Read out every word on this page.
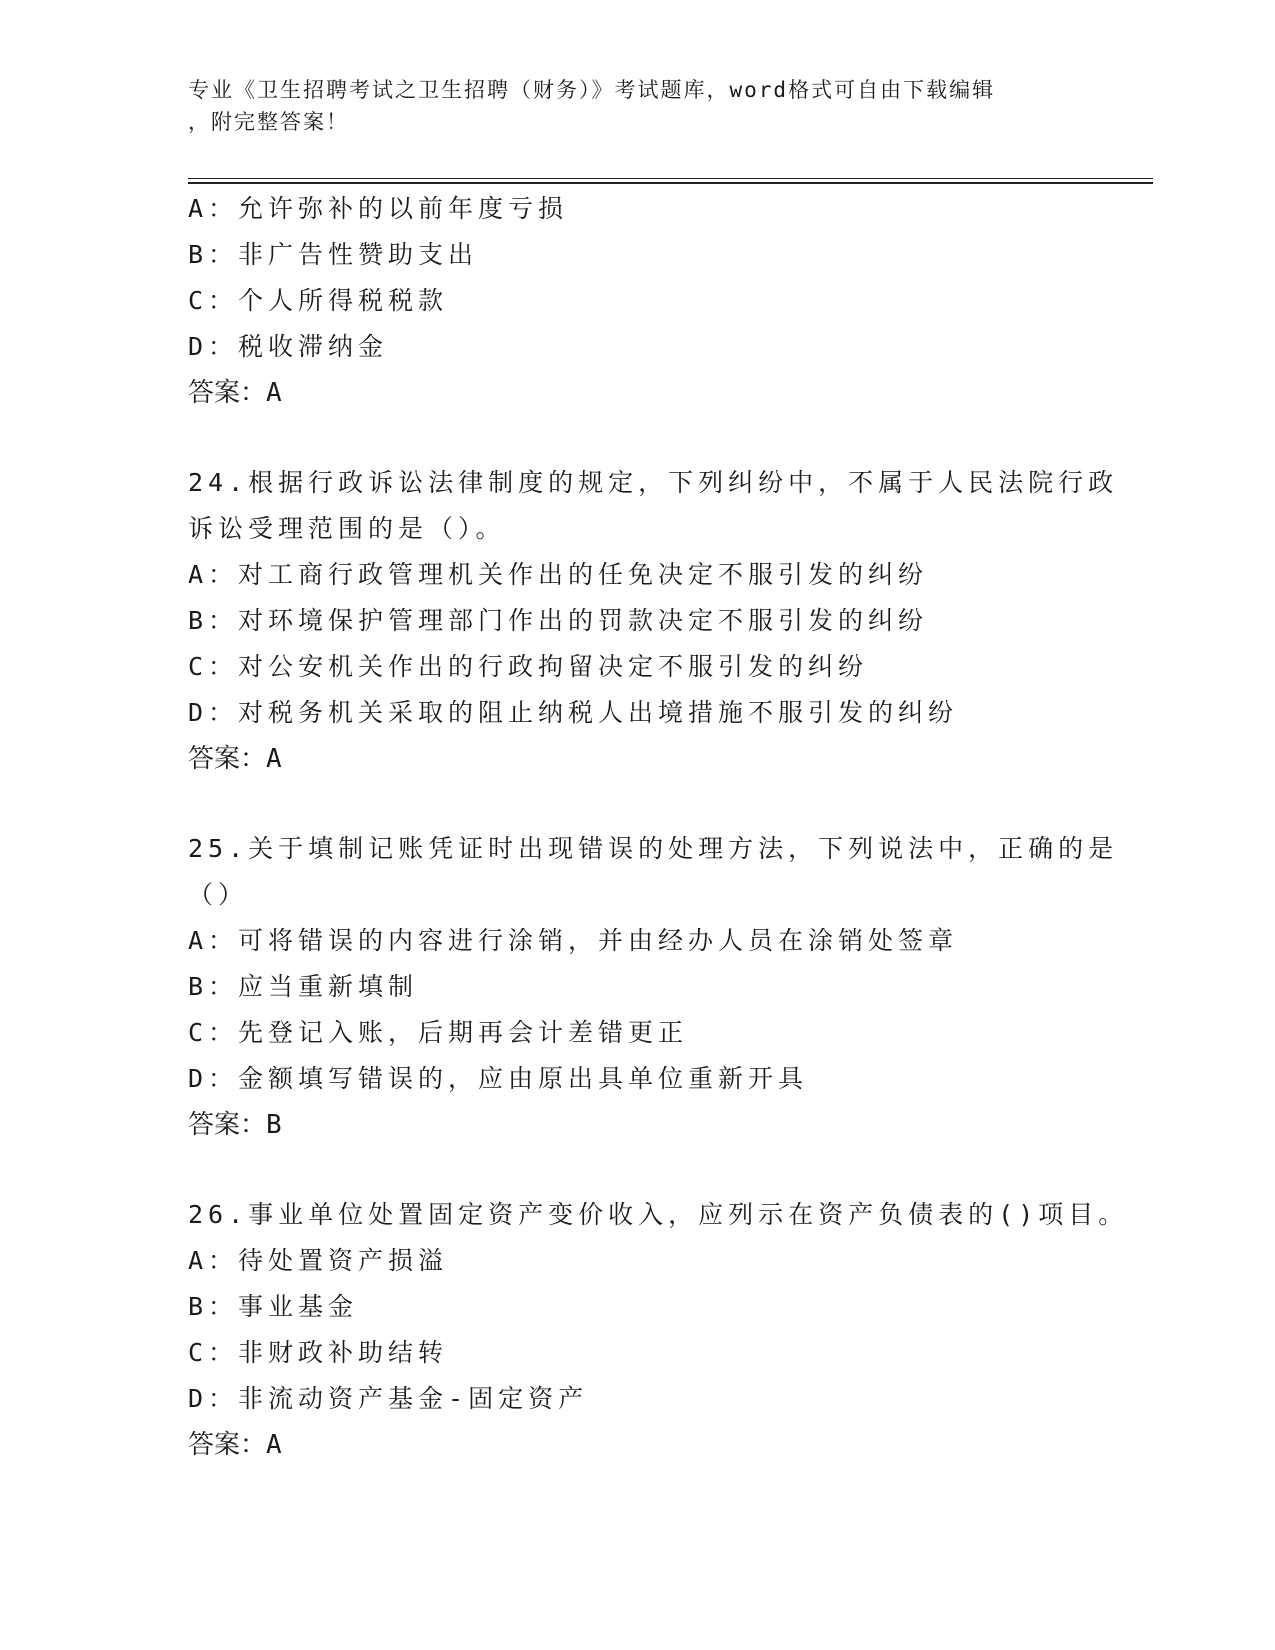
专业《卫生招聘考试之卫生招聘（财务）》考试题库，word格式可自由下载编辑
，附完整答案！
A：允许弥补的以前年度亏损
B：非广告性赞助支出
C：个人所得税税款
D：税收滞纳金
答案：A
24.根据行政诉讼法律制度的规定，下列纠纷中，不属于人民法院行政
诉讼受理范围的是（）。
A：对工商行政管理机关作出的任免决定不服引发的纠纷
B：对环境保护管理部门作出的罚款决定不服引发的纠纷
C：对公安机关作出的行政拘留决定不服引发的纠纷
D：对税务机关采取的阻止纳税人出境措施不服引发的纠纷
答案：A
25.关于填制记账凭证时出现错误的处理方法，下列说法中，正确的是
（）
A：可将错误的内容进行涂销，并由经办人员在涂销处签章
B：应当重新填制
C：先登记入账，后期再会计差错更正
D：金额填写错误的，应由原出具单位重新开具
答案：B
26.事业单位处置固定资产变价收入，应列示在资产负债表的()项目。
A：待处置资产损溢
B：事业基金
C：非财政补助结转
D：非流动资产基金-固定资产
答案：A
